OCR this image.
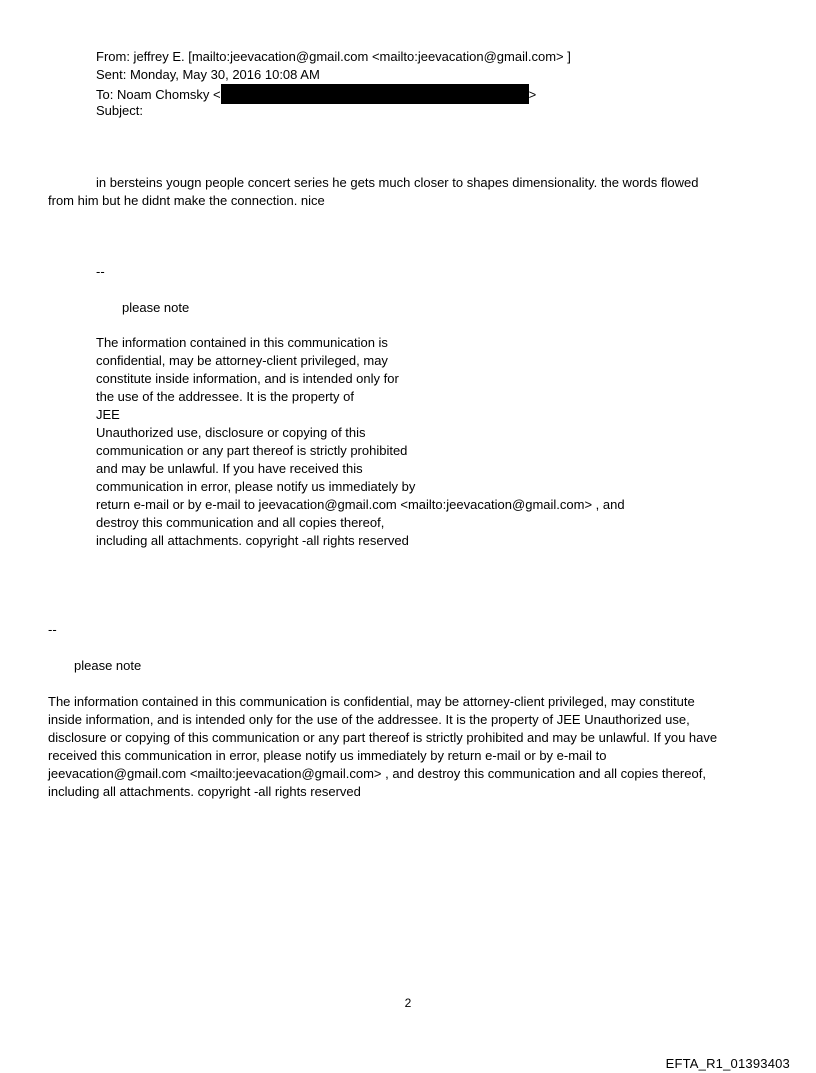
From: jeffrey E. [mailto:jeevacation@gmail.com <mailto:jeevacation@gmail.com> ]
Sent: Monday, May 30, 2016 10:08 AM
To: Noam Chomsky <	>
Subject:
in bersteins yougn people concert series he gets much closer to shapes dimensionality. the words flowed
from him but he didnt make the connection. nice
--
please note
The information contained in this communication is
confidential, may be attorney-client privileged, may
constitute inside information, and is intended only for
the use of the addressee. It is the property of
JEE
Unauthorized use, disclosure or copying of this
communication or any part thereof is strictly prohibited
and may be unlawful. If you have received this
communication in error, please notify us immediately by
return e-mail or by e-mail to jeevacation@gmail.com <mailto:jeevacation@gmail.com> , and
destroy this communication and all copies thereof,
including all attachments. copyright -all rights reserved
--
please note
The information contained in this communication is confidential, may be attorney-client privileged, may constitute
inside information, and is intended only for the use of the addressee. It is the property of JEE Unauthorized use,
disclosure or copying of this communication or any part thereof is strictly prohibited and may be unlawful. If you have
received this communication in error, please notify us immediately by return e-mail or by e-mail to
jeevacation@gmail.com <mailto:jeevacation@gmail.com> , and destroy this communication and all copies thereof,
including all attachments. copyright -all rights reserved
2
EFTA_R1_01393403
